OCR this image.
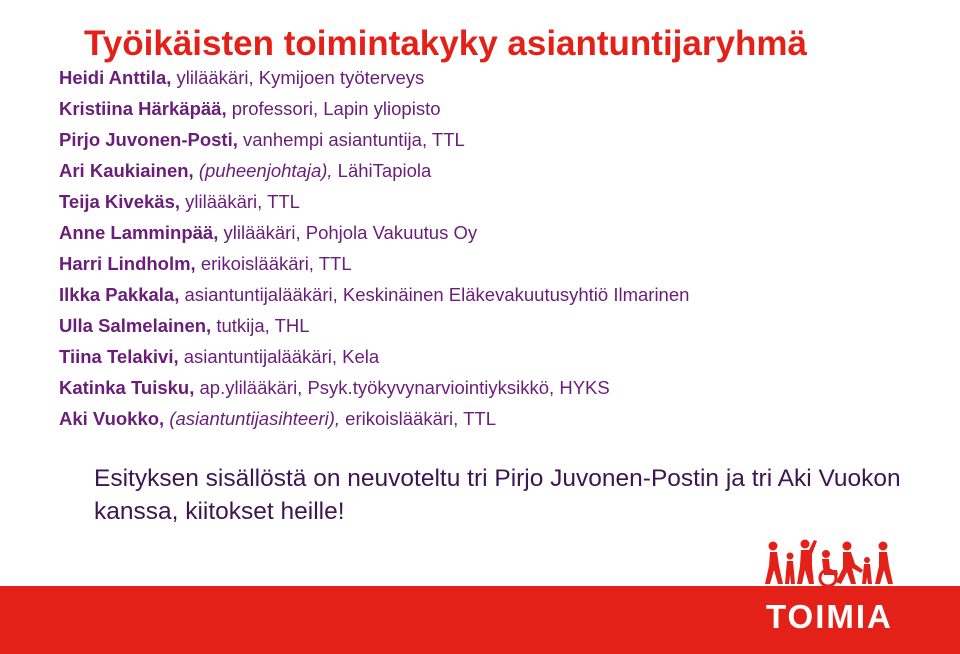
Työikäisten toimintakyky asiantuntijaryhmä
Heidi Anttila, ylilääkäri, Kymijoen työterveys
Kristiina Härkäpää, professori, Lapin yliopisto
Pirjo Juvonen-Posti, vanhempi asiantuntija, TTL
Ari Kaukiainen, (puheenjohtaja), LähiTapiola
Teija Kivekäs, ylilääkäri, TTL
Anne Lamminpää, ylilääkäri, Pohjola Vakuutus Oy
Harri Lindholm, erikoislääkäri, TTL
Ilkka Pakkala, asiantuntijalääkäri, Keskinäinen Eläkevakuutusyhtiö Ilmarinen
Ulla Salmelainen, tutkija, THL
Tiina Telakivi, asiantuntijalääkäri, Kela
Katinka Tuisku, ap.ylilääkäri, Psyk.työkyvynarviointiyksikkö, HYKS
Aki Vuokko, (asiantuntijasihteeri), erikoislääkäri, TTL
Esityksen sisällöstä on neuvoteltu tri Pirjo Juvonen-Postin ja tri Aki Vuokon kanssa, kiitokset heille!
TOIMIA
